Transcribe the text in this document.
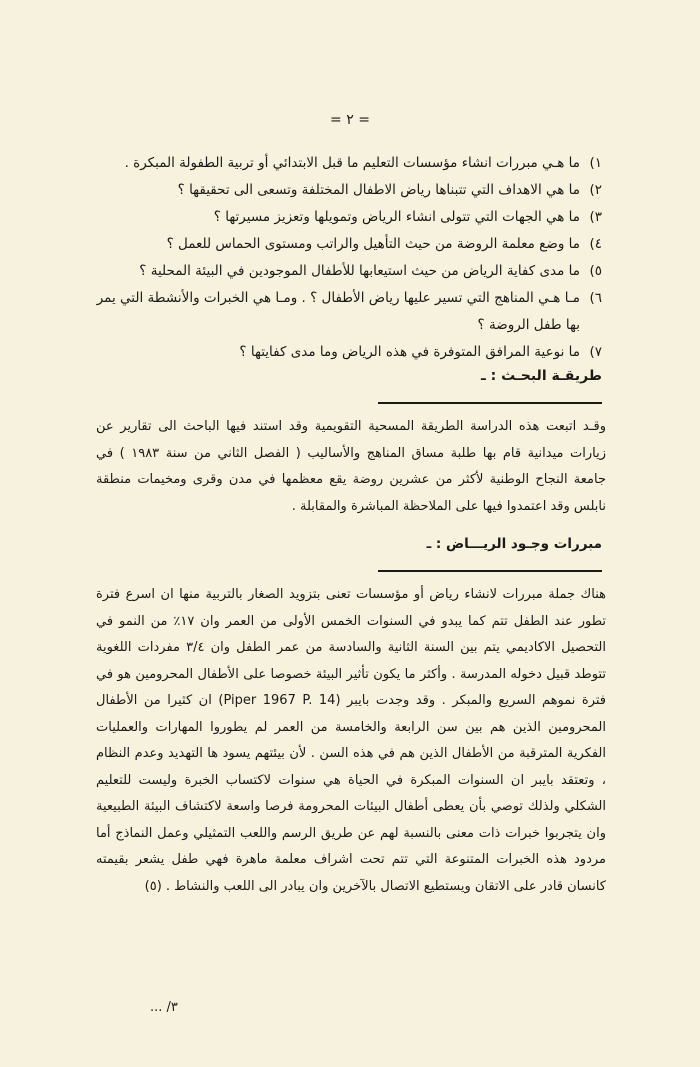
= ٢ =
١)
ما هـي مبررات انشاء مؤسسات التعليم ما قبل الابتدائي أو تربية الطفولة المبكرة .
٢)
ما هي الاهداف التي تتبناها رياض الاطفال المختلفة وتسعى الى تحقيقها ؟
٣)
ما هي الجهات التي تتولى انشاء الرياض وتمويلها وتعزيز مسيرتها ؟
٤)
ما وضع معلمة الروضة من حيث التأهيل والراتب ومستوى الحماس للعمل ؟
٥)
ما مدى كفاية الرياض من حيث استيعابها للأطفال الموجودين في البيئة المحلية ؟
٦)
مـا هـي المناهج التي تسير عليها رياض الأطفال ؟ . ومـا هي الخبرات والأنشطة التي يمر بها طفل الروضة ؟
٧)
ما نوعية المرافق المتوفرة في هذه الرياض وما مدى كفايتها ؟
طريقـة البحـث : ـ
وقـد اتبعت هذه الدراسة الطريقة المسحية التقويمية وقد استند فيها الباحث الى تقارير عن زيارات ميدانية قام بها طلبة مساق المناهج والأساليب ( الفصل الثاني من سنة ١٩٨٣ ) في جامعة النجاح الوطنية لأكثر من عشرين روضة يقع معظمها في مدن وقرى ومخيمات منطقة نابلس وقد اعتمدوا فيها على الملاحظة المباشرة والمقابلة .
مبررات وجـود الريـــاض : ـ
هناك جملة مبررات لانشاء رياض أو مؤسسات تعنى بتزويد الصغار بالتربية منها ان اسرع فترة تطور عند الطفل تتم كما يبدو في السنوات الخمس الأولى من العمر وان ١٧٪ من النمو في التحصيل الاكاديمي يتم بين السنة الثانية والسادسة من عمر الطفل وان ٣/٤ مفردات اللغوية تتوطد قبيل دخوله المدرسة . وأكثر ما يكون تأثير البيئة خصوصا على الأطفال المحرومين هو في فترة نموهم السريع والمبكر . وقد وجدت بايبر (Piper 1967 P. 14) ان كثيرا من الأطفال المحرومين الذين هم بين سن الرابعة والخامسة من العمر لم يطوروا المهارات والعمليات الفكرية المترقبة من الأطفال الذين هم في هذه السن . لأن بيئتهم يسود ها التهديد وعدم النظام ، وتعتقد بايبر ان السنوات المبكرة في الحياة هي سنوات لاكتساب الخبرة وليست للتعليم الشكلي ولذلك توصي بأن يعطى أطفال البيئات المحرومة فرصا واسعة لاكتشاف البيئة الطبيعية وان يتجربوا خبرات ذات معنى بالنسبة لهم عن طريق الرسم واللعب التمثيلي وعمل النماذج أما مردود هذه الخبرات المتنوعة التي تتم تحت اشراف معلمة ماهرة فهي طفل يشعر بقيمته كانسان قادر على الاتقان ويستطيع الاتصال بالآخرين وان يبادر الى اللعب والنشاط . (٥)
... /٣
